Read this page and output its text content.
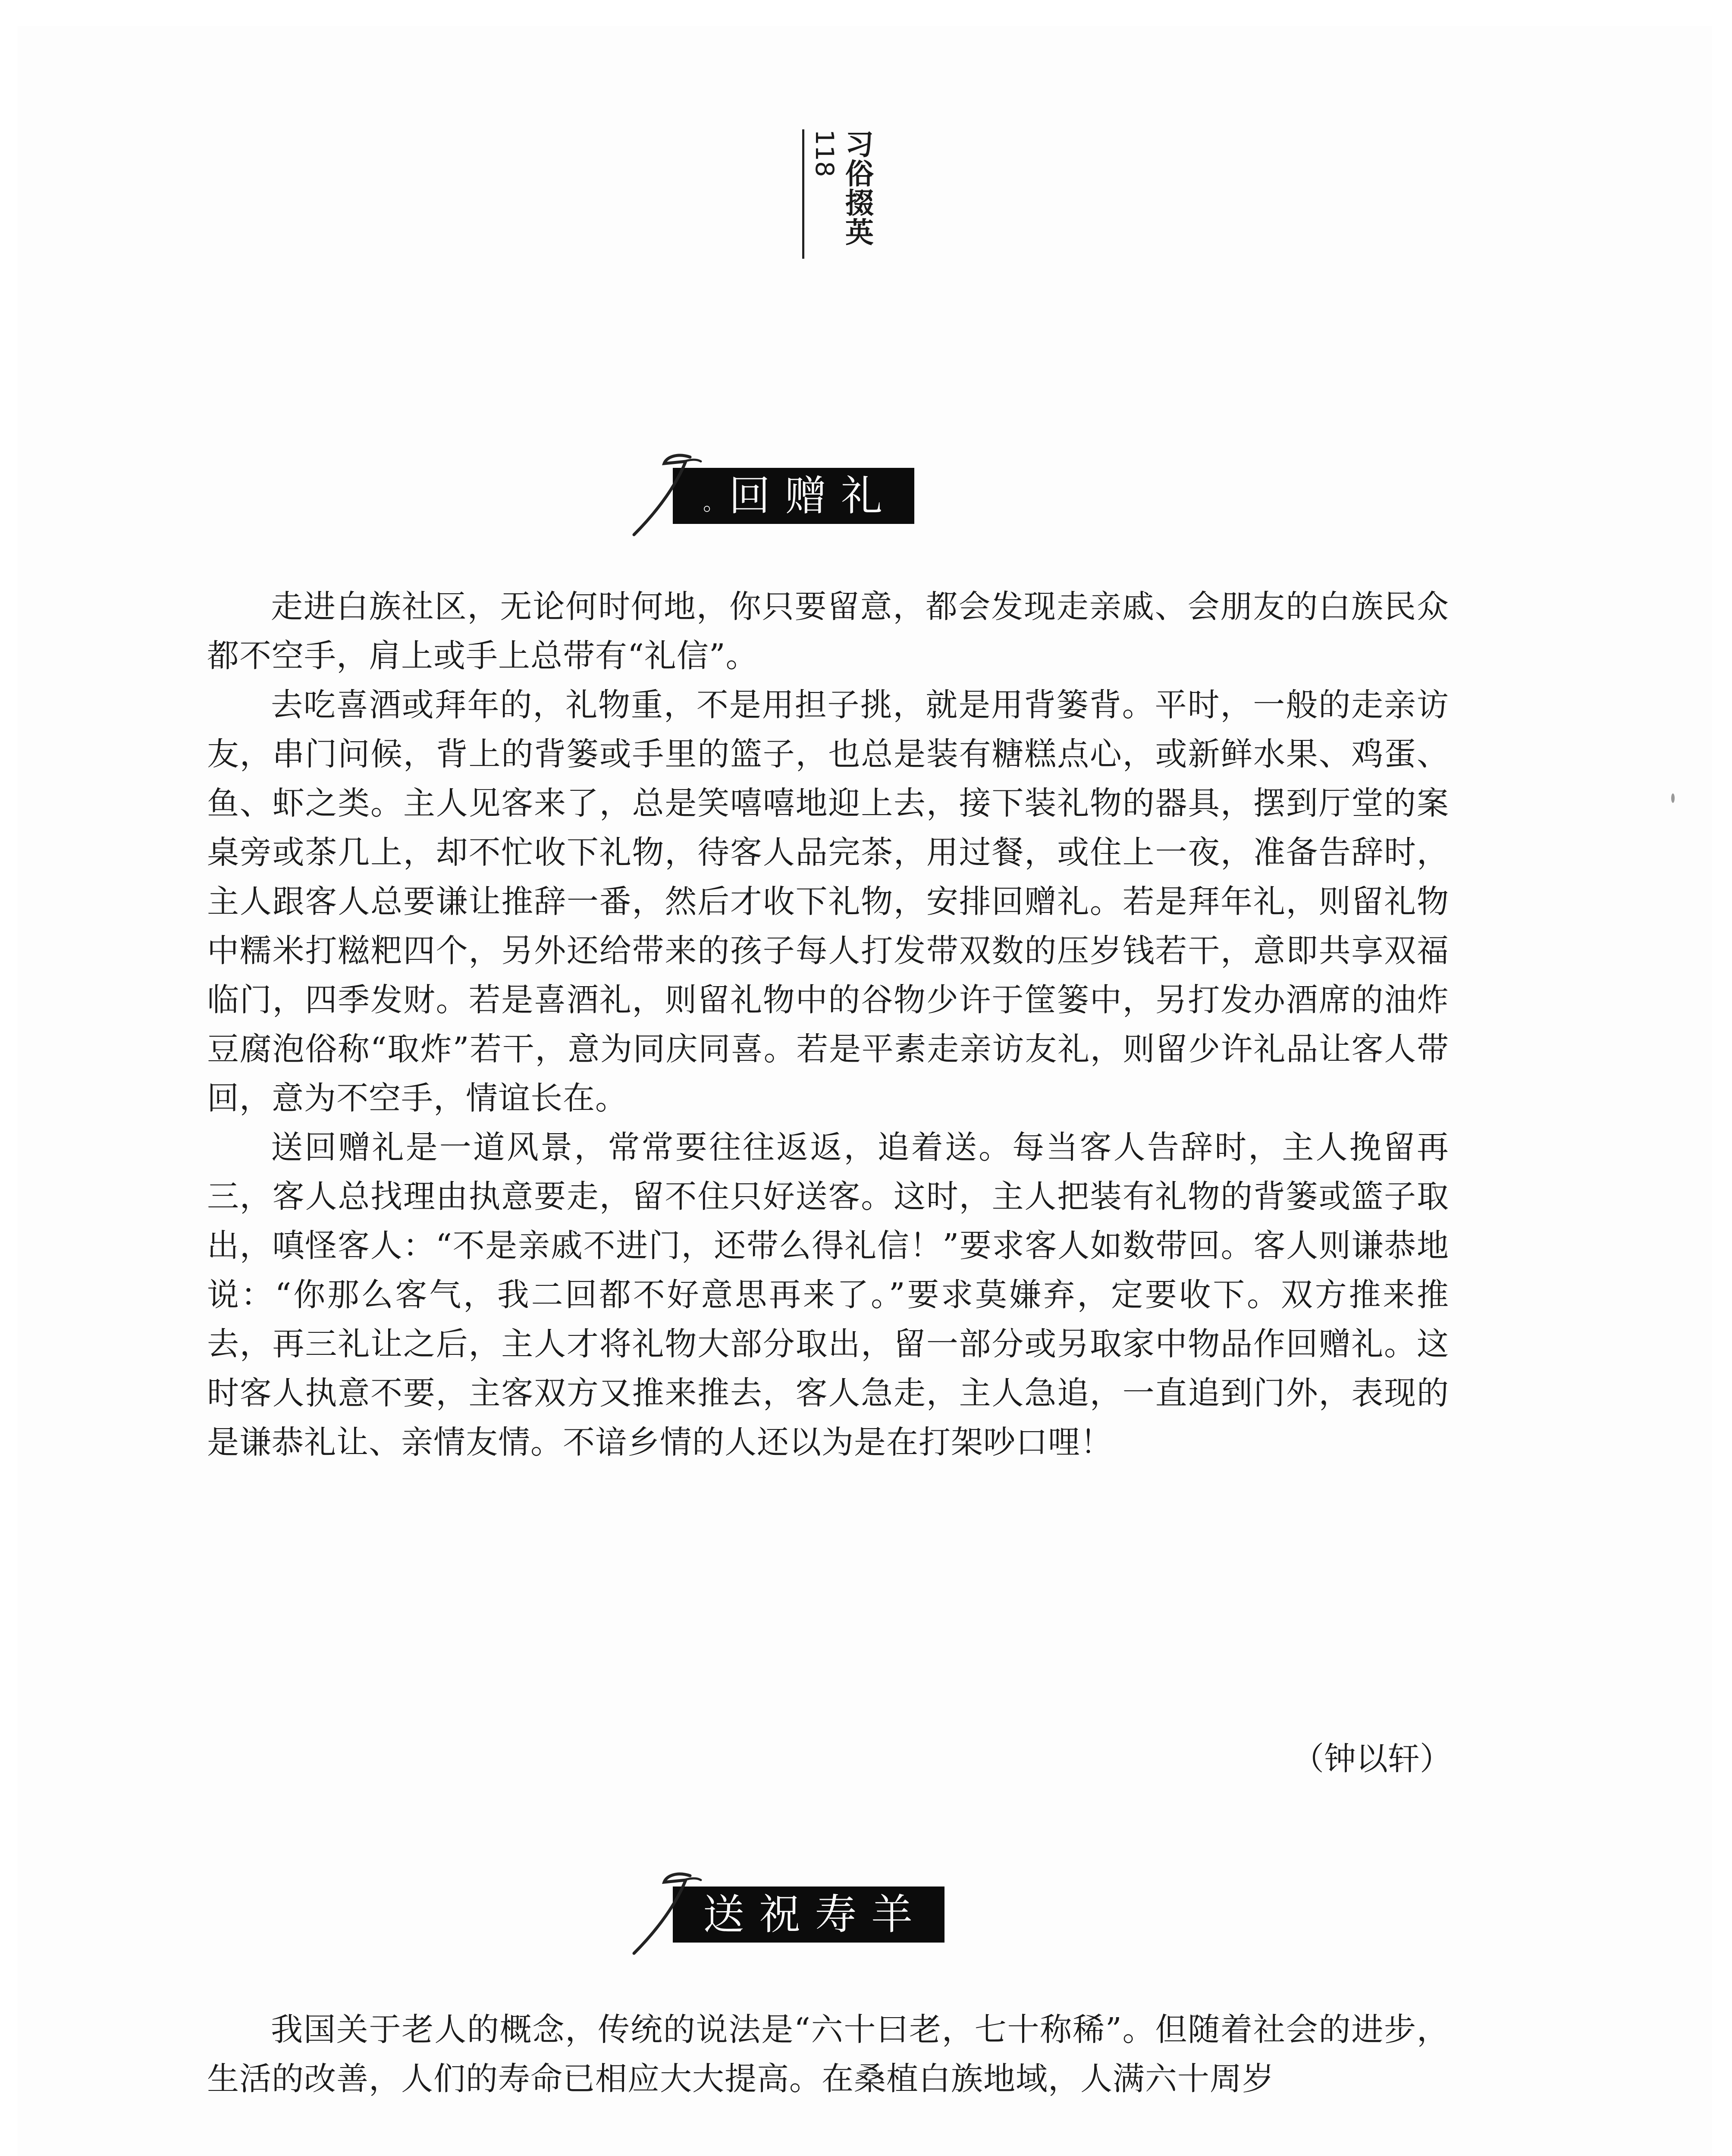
118 习俗掇英
。回赠礼

走进白族社区，无论何时何地，你只要留意，都会发现走亲戚、会朋友的白族民众都不空手，肩上或手上总带有“礼信”。

去吃喜酒或拜年的，礼物重，不是用担子挑，就是用背篓背。平时，一般的走亲访友，串门问候，背上的背篓或手里的篮子，也总是装有糖糕点心，或新鲜水果、鸡蛋、鱼、虾之类。主人见客来了，总是笑嘻嘻地迎上去，接下装礼物的器具，摆到厅堂的案桌旁或茶几上，却不忙收下礼物，待客人品完茶，用过餐，或住上一夜，准备告辞时，主人跟客人总要谦让推辞一番，然后才收下礼物，安排回赠礼。若是拜年礼，则留礼物中糯米打糍粑四个，另外还给带来的孩子每人打发带双数的压岁钱若干，意即共享双福临门，四季发财。若是喜酒礼，则留礼物中的谷物少许于筐篓中，另打发办酒席的油炸豆腐泡俗称“取炸”若干，意为同庆同喜。若是平素走亲访友礼，则留少许礼品让客人带回，意为不空手，情谊长在。

送回赠礼是一道风景，常常要往往返返，追着送。每当客人告辞时，主人挽留再三，客人总找理由执意要走，留不住只好送客。这时，主人把装有礼物的背篓或篮子取出，嗔怪客人：“不是亲戚不进门，还带么得礼信！”要求客人如数带回。客人则谦恭地说：“你那么客气，我二回都不好意思再来了。”要求莫嫌弃，定要收下。双方推来推去，再三礼让之后，主人才将礼物大部分取出，留一部分或另取家中物品作回赠礼。这时客人执意不要，主客双方又推来推去，客人急走，主人急追，一直追到门外，表现的是谦恭礼让、亲情友情。不谙乡情的人还以为是在打架吵口哩！

（钟以轩）
送祝寿羊

我国关于老人的概念，传统的说法是“六十曰老，七十称稀”。但随着社会的进步，生活的改善，人们的寿命已相应大大提高。在桑植白族地域，人满六十周岁
